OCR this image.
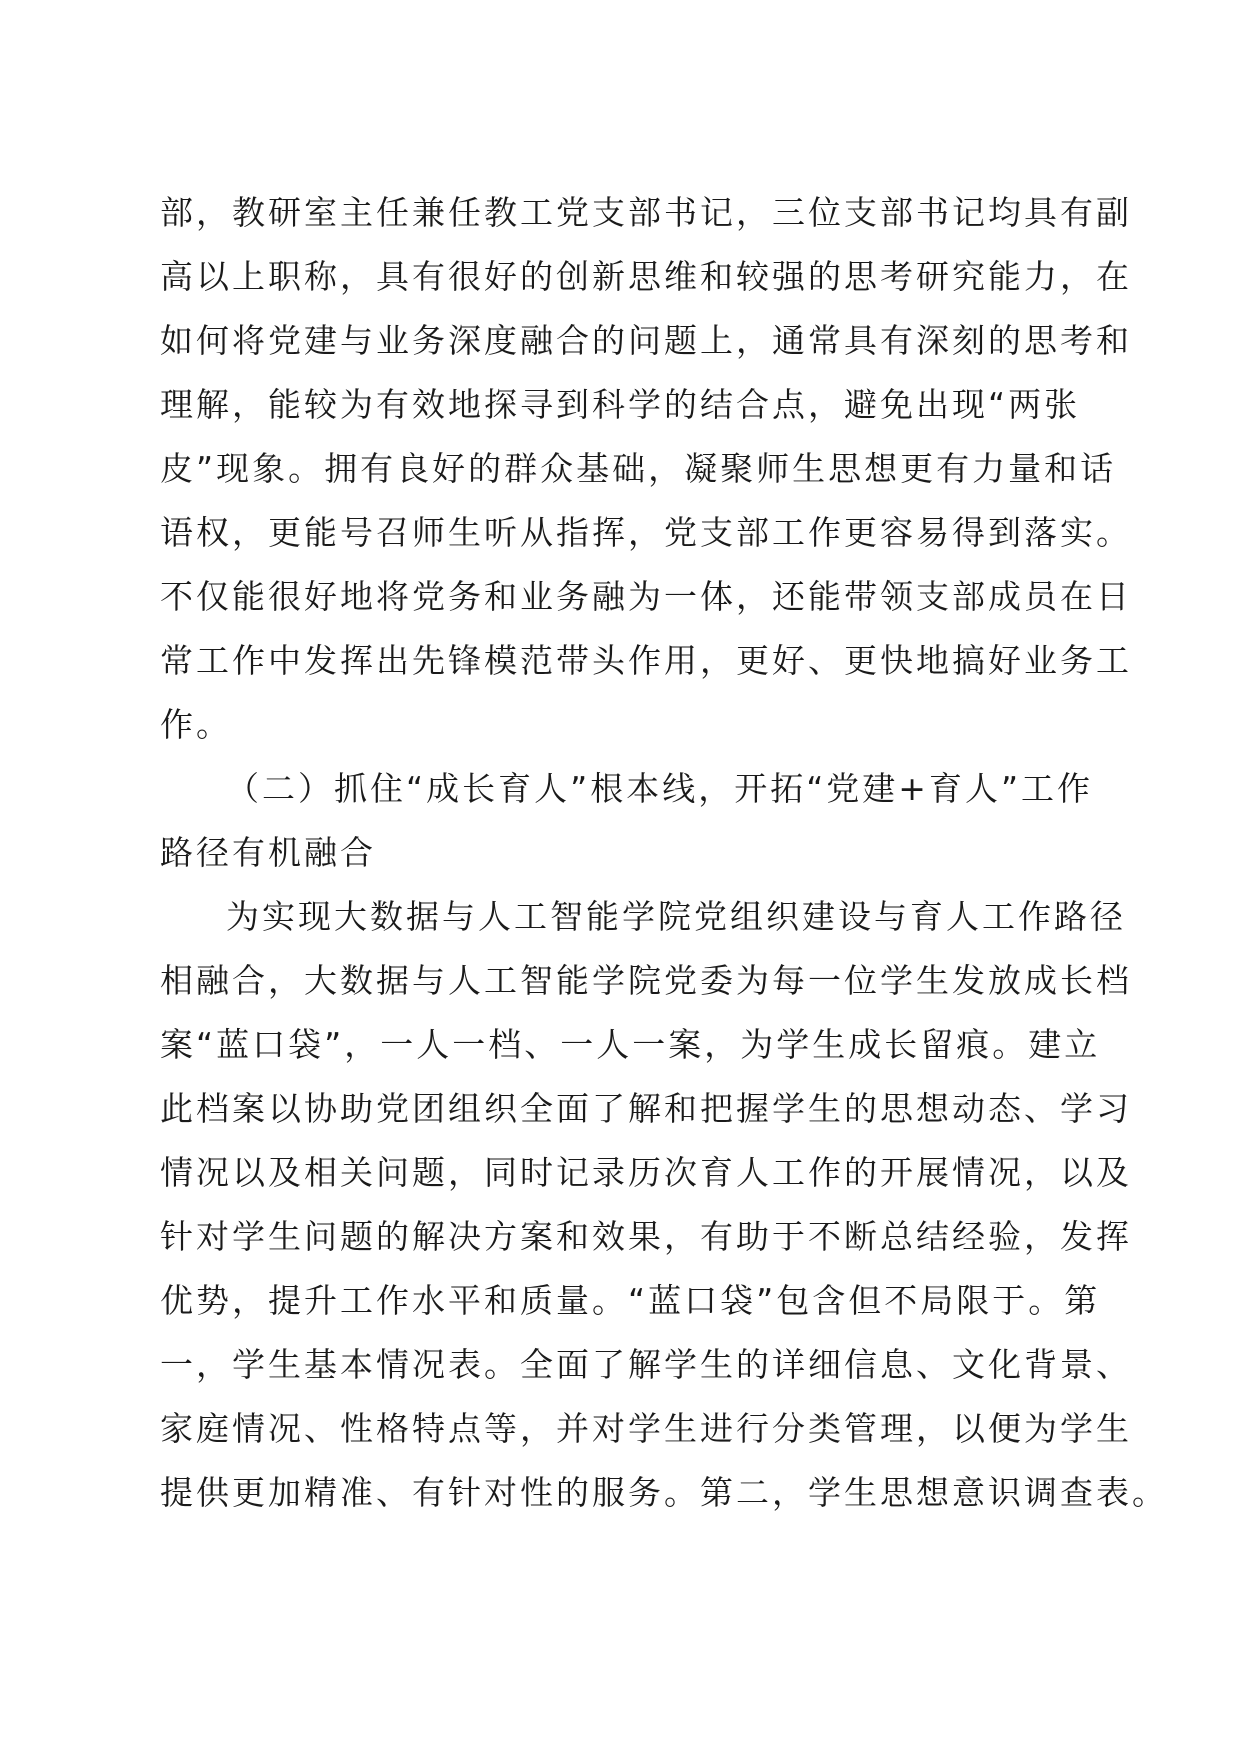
部，教研室主任兼任教工党支部书记，三位支部书记均具有副
高以上职称，具有很好的创新思维和较强的思考研究能力，在
如何将党建与业务深度融合的问题上，通常具有深刻的思考和
理解，能较为有效地探寻到科学的结合点，避免出现“两张
皮”现象。拥有良好的群众基础，凝聚师生思想更有力量和话
语权，更能号召师生听从指挥，党支部工作更容易得到落实。
不仅能很好地将党务和业务融为一体，还能带领支部成员在日
常工作中发挥出先锋模范带头作用，更好、更快地搞好业务工
作。
（二）抓住“成长育人”根本线，开拓“党建+育人”工作
路径有机融合
为实现大数据与人工智能学院党组织建设与育人工作路径
相融合，大数据与人工智能学院党委为每一位学生发放成长档
案“蓝口袋”，一人一档、一人一案，为学生成长留痕。建立
此档案以协助党团组织全面了解和把握学生的思想动态、学习
情况以及相关问题，同时记录历次育人工作的开展情况，以及
针对学生问题的解决方案和效果，有助于不断总结经验，发挥
优势，提升工作水平和质量。“蓝口袋”包含但不局限于。第
一，学生基本情况表。全面了解学生的详细信息、文化背景、
家庭情况、性格特点等，并对学生进行分类管理，以便为学生
提供更加精准、有针对性的服务。第二，学生思想意识调查表。
